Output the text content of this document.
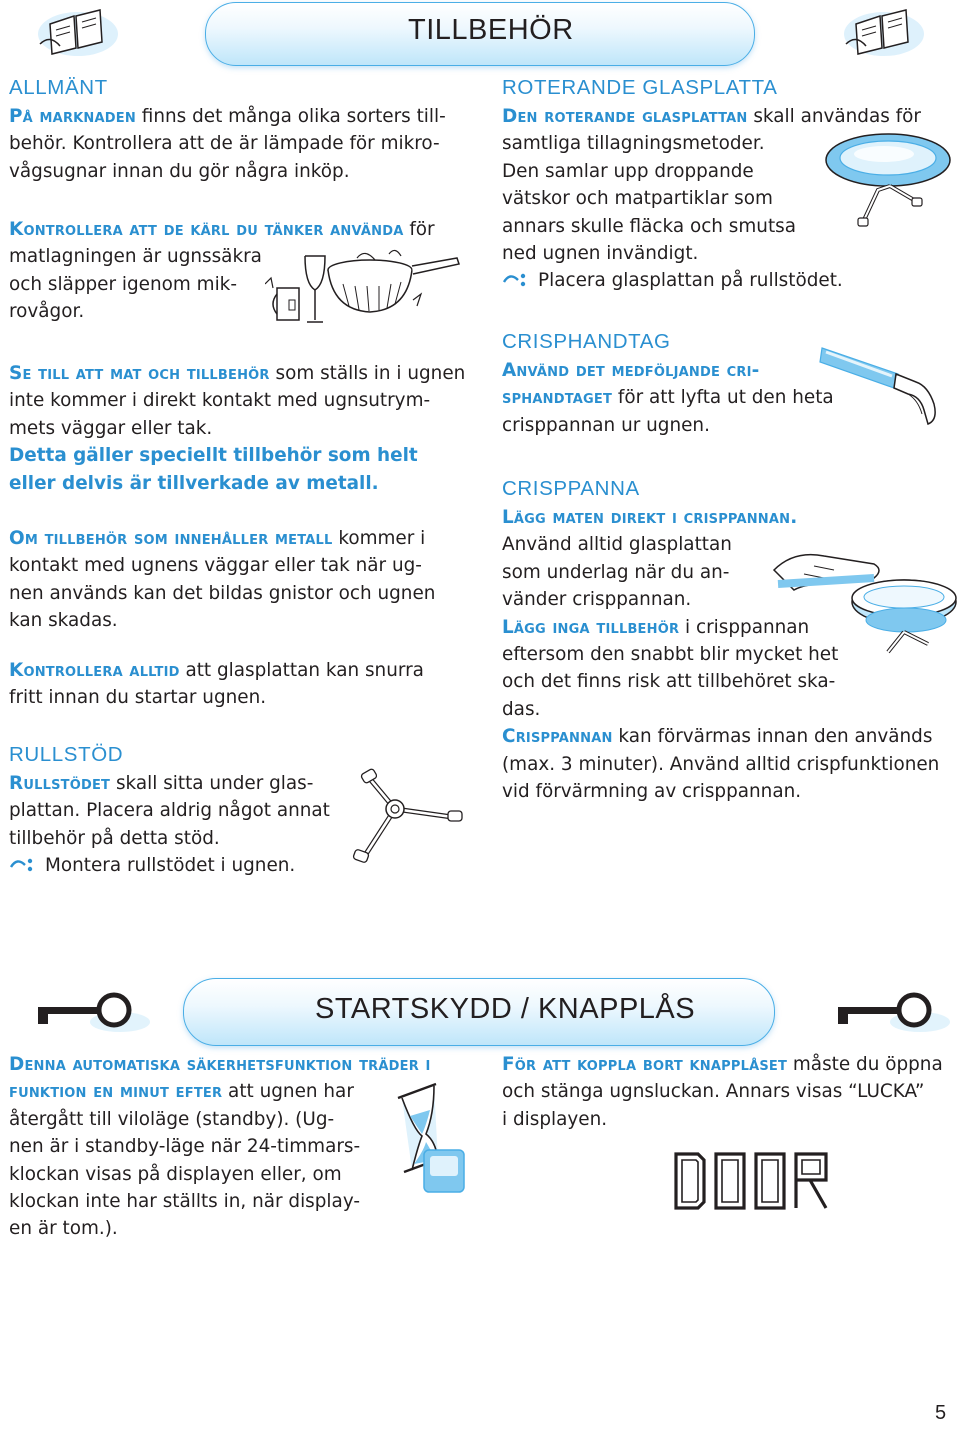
TILLBEHÖR
ALLMÄNT
På marknaden finns det många olika sorters till-
behör. Kontrollera att de är lämpade för mikro-
vågsugnar innan du gör några inköp.
Kontrollera att de kärl du tänker använda för
matlagningen är ugnssäkra
och släpper igenom mik-
rovågor.
Se till att mat och tillbehör som ställs in i ugnen
inte kommer i direkt kontakt med ugnsutrym-
mets väggar eller tak.
Detta gäller speciellt tillbehör som helt
eller delvis är tillverkade av metall.
Om tillbehör som innehåller metall kommer i
kontakt med ugnens väggar eller tak när ug-
nen används kan det bildas gnistor och ugnen
kan skadas.
Kontrollera alltid att glasplattan kan snurra
fritt innan du startar ugnen.
RULLSTÖD
Rullstödet skall sitta under glas-
plattan. Placera aldrig något annat
tillbehör på detta stöd.
Montera rullstödet i ugnen.
ROTERANDE GLASPLATTA
Den roterande glasplattan skall användas för
samtliga tillagningsmetoder.
Den samlar upp droppande
vätskor och matpartiklar som
annars skulle fläcka och smutsa
ned ugnen invändigt.
Placera glasplattan på rullstödet.
CRISPHANDTAG
Använd det medföljande cri-
sphandtaget för att lyfta ut den heta
crisppannan ur ugnen.
CRISPPANNA
Lägg maten direkt i crisppannan.
Använd alltid glasplattan
som underlag när du an-
vänder crisppannan.
Lägg inga tillbehör i crisppannan
eftersom den snabbt blir mycket het
och det finns risk att tillbehöret ska-
das.
Crisppannan kan förvärmas innan den används
(max. 3 minuter). Använd alltid crispfunktionen
vid förvärmning av crisppannan.
STARTSKYDD / KNAPPLÅS
Denna automatiska säkerhetsfunktion träder i
funktion en minut efter att ugnen har
återgått till viloläge (standby). (Ug-
nen är i standby-läge när 24-timmars-
klockan visas på displayen eller, om
klockan inte har ställts in, när display-
en är tom.).
För att koppla bort knapplåset måste du öppna
och stänga ugnsluckan. Annars visas “LUCKA”
i displayen.
5
